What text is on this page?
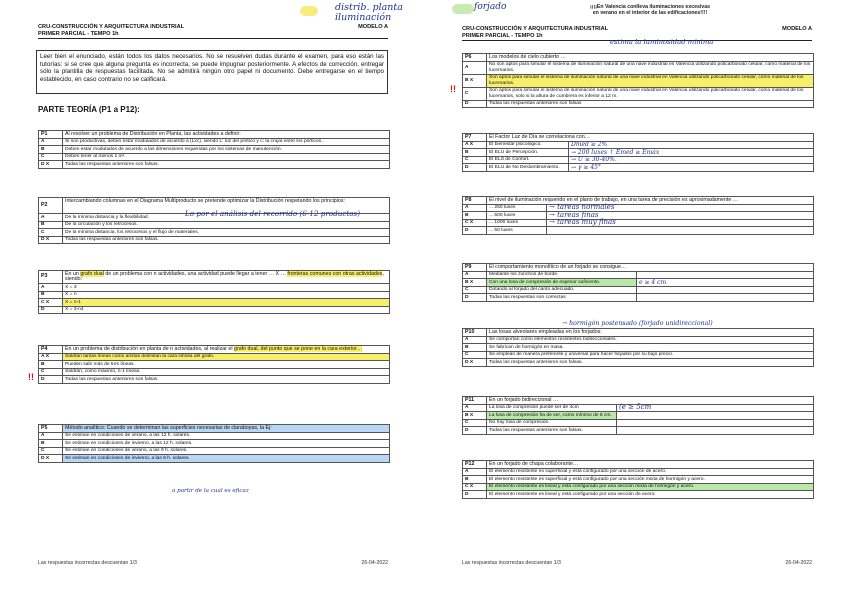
distrib. planta iluminación
CRU-CONSTRUCCIÓN Y ARQUITECTURA INDUSTRIAL	MODELO A
PRIMER PARCIAL - TEMPO 1h
Leer bien el enunciado, están todos los datos necesarios. No se resuelven dudas durante el examen, para eso están las tutorías: si se cree que alguna pregunta es incorrecta, se puede impugnar posteriormente. A efectos de corrección, entregar sólo la plantilla de respuestas facilitada. No se admitirá ningún otro papel ni documento. Debe entregarse en el tiempo establecido, en caso contrario no se calificará.
PARTE TEORÍA (P1 a P12):
P1	Al resolver un problema de Distribución en Planta, las actividades a definir:
A	Si son productivas, deben estar modulados de acuerdo a (Lxc), siendo L: luz del pórtico y c: la crujía entre los pórticos..
B	Deben estar modulados de acuerdo a las dimensiones requeridas por los sistemas de manutención.
C	Deben tener al menos 1 m².
D X	Todas las respuestas anteriores son falsas.
P2	Intercambiando columnas en el Diagrama Multiproducto se pretende optimizar la Distribución respetando los principios:
A	De la mínima distancia y la flexibilidad.
B	De la circulación y los retrocesos.
C	De la mínima distancia, los retrocesos y el flujo de materiales.
D X	Todas las respuestas anteriores son falsas.
Lo por el análisis del recorrido (6-12 productos)
P3	En un grafo dual de un problema con n actividades, una actividad puede llegar a tener … X … fronteras comunes con otras actividades, siendo:
A	X = 3
B	X = n
C X	X = n-1
D	X = 3-n4
P4	En un problema de distribución en planta de n actividades, al realizar el grafo dual, del punto que se pone en la cara exterior…
A X	Saldrán tantas líneas como aristas delimitan la cara infinita del grafo.
B	Pueden salir más de tres líneas.
C	Saldrán, como máximo, n-1 líneas.
D	Todas las respuestas anteriores son falsas
!!
P5	Método analítico: Cuando se determinan las superficies necesarias de claraboyas, la Ej:
A	Se estiman en condiciones de verano, a las 12 h. solares.
B	Se estiman en condiciones de invierno, a las 12 h. solares.
C	Se estiman en condiciones de verano, a las 9 h. solares.
D X	Se estiman en condiciones de invierno, a las 9 h. solares.
a partir de la cual es eficaz
Las respuestas incorrectas descuentan 1/3	26-04-2022
forjado	¡¡¡¡En Valencia conlleva iluminaciones excesivas en verano en el interior de las edificaciones!!!!
CRU-CONSTRUCCIÓN Y ARQUITECTURA INDUSTRIAL	MODELO A
PRIMER PARCIAL - TEMPO 1h
estima la luminosidad mínima
P6	Los modelos de cielo cubierto …
A	No son aptos para simular el sistema de iluminación natural de una nave industrial en Valencia utilizando policarbonato celular, como material de los lucernarios.
B X	Son aptos para simular el sistema de iluminación natural de una nave industrial en Valencia utilizando policarbonato celular, como material de los lucernarios.
C	Son aptos para simular el sistema de iluminación natural de una nave industrial en Valencia utilizando policarbonato celular, como material de los lucernarios, solo si la altura de cumbrera es inferior a 12 m.
D	Todas las respuestas anteriores son falsas
!!
P7	El Factor Luz de Día se correlaciona con…	
A X	El bienestar psicológico.	Dmed ≥ 2%
B	El ELU de Percepción.	→ 200 luxes ↑ Emed ≥ Emáx
C	El ELS de Confort.	→ U ≥ 30-40%.
D	El ELU de No Deslumbramiento.	→ γ ≥ 45°
P8	El nivel de iluminación requerido en el plano de trabajo, en una tarea de precisión es aproximadamente …	
A	... 250 luxes	→ tareas normales
B	... 500 luxes	→ tareas finas
C X	... 1000 luxes	→ tareas muy finas
D	... 50 luxes	
P9	El comportamiento monolítico de un forjado se consigue…	
A	Mediante los zunchos de borde.	
B X	Con una losa de compresión de espesor suficiente.	e ≥ 4 cm
C	Dotando al forjado del canto adecuado.	
D	Todas las respuestas son correctas	
→ hormigón postensado (forjado unidireccional)
P10	Las losas alveolares empleadas en los forjados:
A	Se comportan como elementos resistentes bidireccionales.
B	Se fabrican de hormigón en masa.
C	Se emplean de manera preferente y universal para hacer forjados por su bajo precio.
D X	Todas las respuestas anteriores son falsas.
P11	En un forjado bidireccional …	
A	La losa de compresión puede ser de 4cm	(e ≥ 5cm
B X	La losa de compresión ha de ser, como mínimo de 5 cm.	
C	No hay losa de compresión.	
D	Todas las respuestas anteriores son falsas.	
P12	En un forjado de chapa colaborante…
A	El elemento resistente es superficial y está configurado por una sección de acero.
B	El elemento resistente es superficial y está configurado por una sección mixta de hormigón y acero.
C X	El elemento resistente es lineal y está configurado por una sección mixta de hormigón y acero.
D	El elemento resistente es lineal y está configurado por una sección de acero.
Las respuestas incorrectas descuentan 1/3	26-04-2022
